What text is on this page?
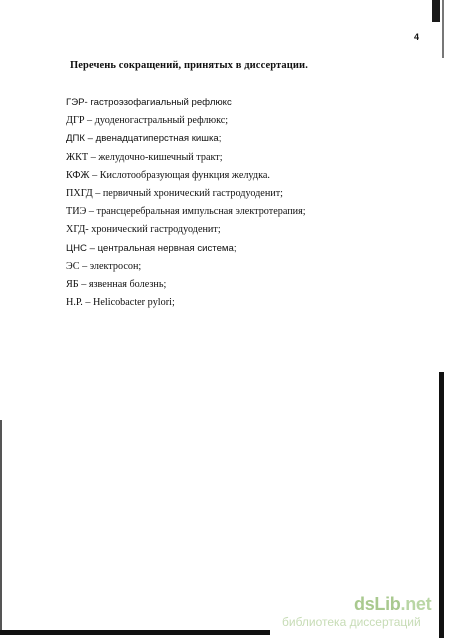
4
Перечень сокращений, принятых в диссертации.
ГЭР- гастроэзофагиальный рефлюкс
ДГР – дуоденогастральный рефлюкс;
ДПК – двенадцатиперстная кишка;
ЖКТ – желудочно-кишечный тракт;
КФЖ – Кислотообразующая функция желудка.
ПХГД – первичный хронический гастродуоденит;
ТИЭ – трансцеребральная импульсная электротерапия;
ХГД- хронический гастродуоденит;
ЦНС – центральная нервная система;
ЭС – электросон;
ЯБ – язвенная болезнь;
Н.Р. – Helicobacter pylori;
dsLib.net
библиотека диссертаций
